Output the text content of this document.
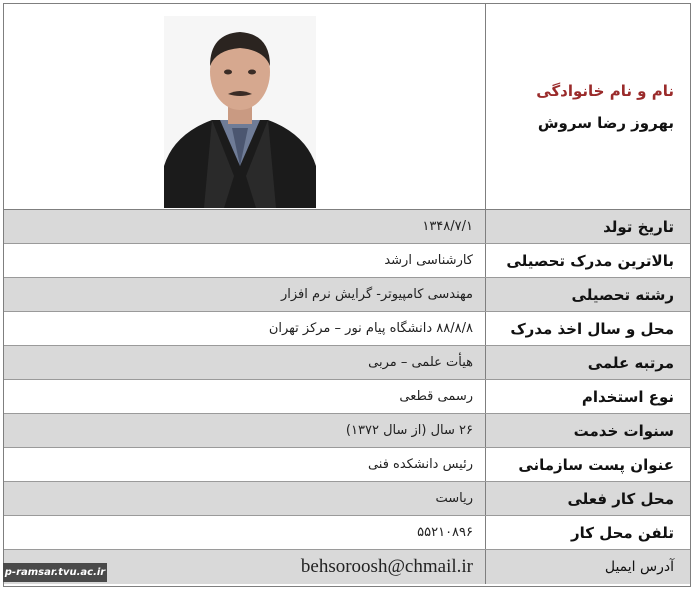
نام و نام خانوادگی
بهروز رضا سروش
تاریخ تولد
۱۳۴۸/۷/۱
بالاترین مدرک تحصیلی
کارشناسی ارشد
رشته تحصیلی
مهندسی کامپیوتر- گرایش نرم افزار
محل و سال اخذ مدرک
۸۸/۸/۸ دانشگاه پیام نور – مرکز تهران
مرتبه علمی
هیأت علمی – مربی
نوع استخدام
رسمی قطعی
سنوات خدمت
۲۶ سال (از سال ۱۳۷۲)
عنوان پست سازمانی
رئیس دانشکده فنی
محل کار فعلی
ریاست
تلفن محل کار
۵۵۲۱۰۸۹۶
آدرس ایمیل
behsoroosh@chmail.ir
p-ramsar.tvu.ac.ir
